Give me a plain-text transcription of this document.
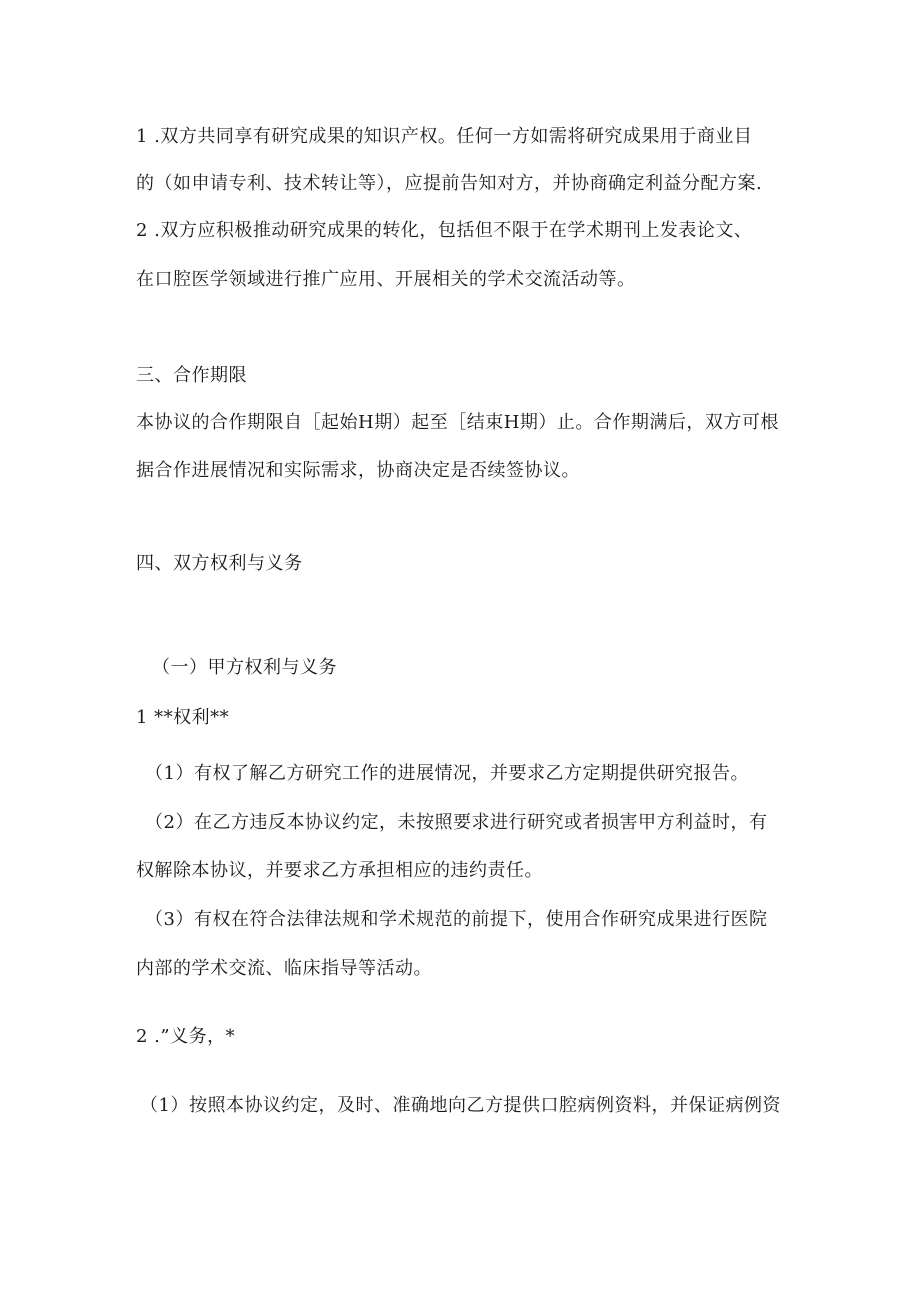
1 .双方共同享有研究成果的知识产权。任何一方如需将研究成果用于商业目
的（如申请专利、技术转让等），应提前告知对方，并协商确定利益分配方案.
2 .双方应积极推动研究成果的转化，包括但不限于在学术期刊上发表论文、
在口腔医学领域进行推广应用、开展相关的学术交流活动等。
三、合作期限
本协议的合作期限自［起始H期）起至［结束H期）止。合作期满后，双方可根
据合作进展情况和实际需求，协商决定是否续签协议。
四、双方权利与义务
（一）甲方权利与义务
1 **权利**
（1）有权了解乙方研究工作的进展情况，并要求乙方定期提供研究报告。
（2）在乙方违反本协议约定，未按照要求进行研究或者损害甲方利益时，有
权解除本协议，并要求乙方承担相应的违约责任。
（3）有权在符合法律法规和学术规范的前提下，使用合作研究成果进行医院
内部的学术交流、临床指导等活动。
2 .”义务，*
（1）按照本协议约定，及时、准确地向乙方提供口腔病例资料，并保证病例资
